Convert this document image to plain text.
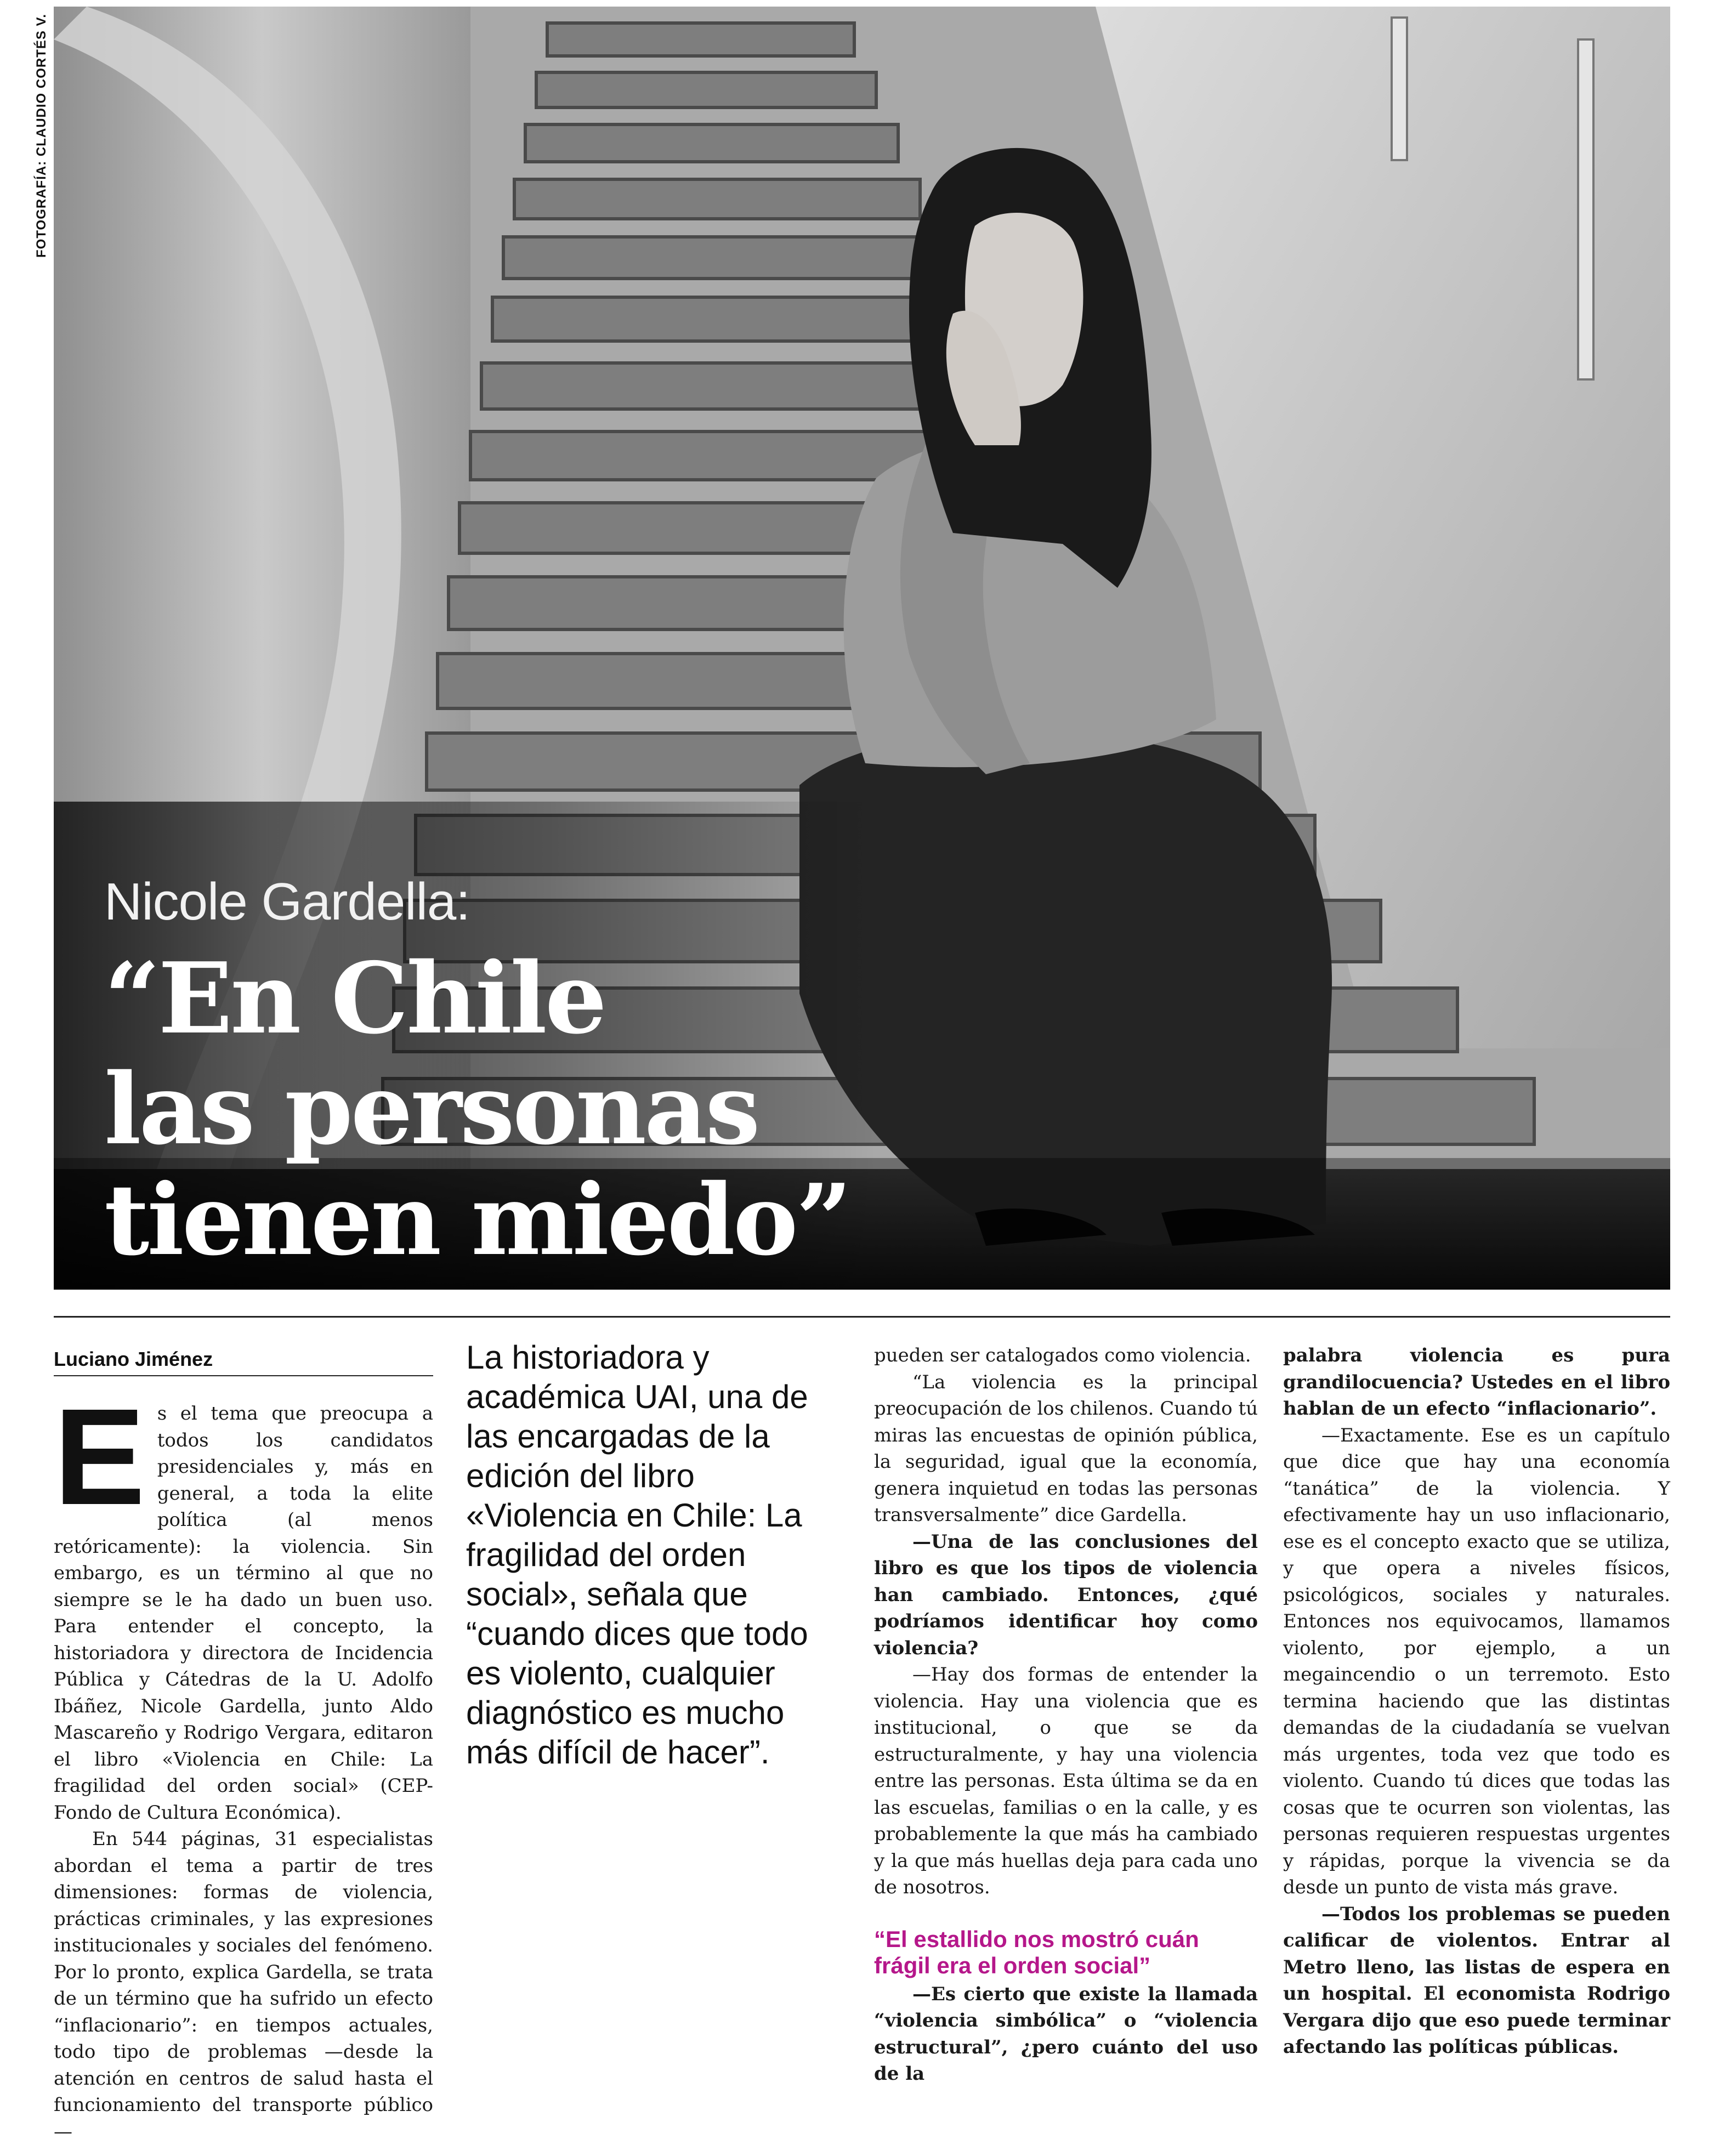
FOTOGRAFÍA: CLAUDIO CORTÉS V.
Nicole Gardella:
“En Chile
las personas
tienen miedo”
Luciano Jiménez

Es el tema que preocupa a todos los candidatos presidenciales y, más en general, a toda la elite política (al menos retóricamente): la violencia. Sin embargo, es un término al que no siempre se le ha dado un buen uso. Para entender el concepto, la historiadora y directora de Incidencia Pública y Cátedras de la U. Adolfo Ibáñez, Nicole Gardella, junto Aldo Mascareño y Rodrigo Vergara, editaron el libro «Violencia en Chile: La fragilidad del orden social» (CEP- Fondo de Cultura Económica).

En 544 páginas, 31 especialistas abordan el tema a partir de tres dimensiones: formas de violencia, prácticas criminales, y las expresiones institucionales y sociales del fenómeno. Por lo pronto, explica Gardella, se trata de un término que ha sufrido un efecto “inflacionario”: en tiempos actuales, todo tipo de problemas —desde la atención en centros de salud hasta el funcionamiento del transporte público—

La historiadora y académica UAI, una de las encargadas de la edición del libro «Violencia en Chile: La fragilidad del orden social», señala que “cuando dices que todo es violento, cualquier diagnóstico es mucho más difícil de hacer”.

pueden ser catalogados como violencia.

“La violencia es la principal preocupación de los chilenos. Cuando tú miras las encuestas de opinión pública, la seguridad, igual que la economía, genera inquietud en todas las personas transversalmente” dice Gardella.

—Una de las conclusiones del libro es que los tipos de violencia han cambiado. Entonces, ¿qué podríamos identificar hoy como violencia?

—Hay dos formas de entender la violencia. Hay una violencia que es institucional, o que se da estructuralmente, y hay una violencia entre las personas. Esta última se da en las escuelas, familias o en la calle, y es probablemente la que más ha cambiado y la que más huellas deja para cada uno de nosotros.

“El estallido nos mostró cuán frágil era el orden social”

—Es cierto que existe la llamada “violencia simbólica” o “violencia estructural”, ¿pero cuánto del uso de la

palabra violencia es pura grandilocuencia? Ustedes en el libro hablan de un efecto “inflacionario”.

—Exactamente. Ese es un capítulo que dice que hay una economía “tanática” de la violencia. Y efectivamente hay un uso inflacionario, ese es el concepto exacto que se utiliza, y que opera a niveles físicos, psicológicos, sociales y naturales. Entonces nos equivocamos, llamamos violento, por ejemplo, a un megaincendio o un terremoto. Esto termina haciendo que las distintas demandas de la ciudadanía se vuelvan más urgentes, toda vez que todo es violento. Cuando tú dices que todas las cosas que te ocurren son violentas, las personas requieren respuestas urgentes y rápidas, porque la vivencia se da desde un punto de vista más grave.

—Todos los problemas se pueden calificar de violentos. Entrar al Metro lleno, las listas de espera en un hospital. El economista Rodrigo Vergara dijo que eso puede terminar afectando las políticas públicas.
